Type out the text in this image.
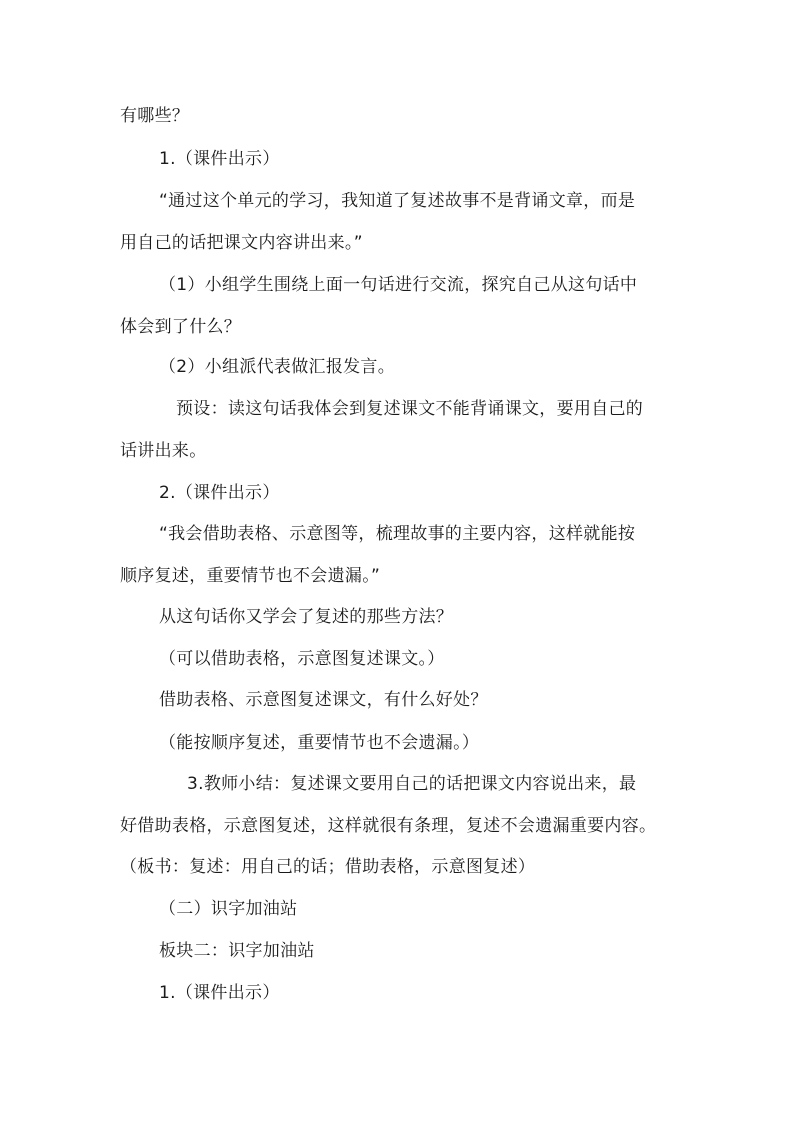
有哪些？
1.（课件出示）
“通过这个单元的学习，我知道了复述故事不是背诵文章，而是
用自己的话把课文内容讲出来。”
（1）小组学生围绕上面一句话进行交流，探究自己从这句话中
体会到了什么？
（2）小组派代表做汇报发言。
预设：读这句话我体会到复述课文不能背诵课文，要用自己的
话讲出来。
2.（课件出示）
“我会借助表格、示意图等，梳理故事的主要内容，这样就能按
顺序复述，重要情节也不会遗漏。”
从这句话你又学会了复述的那些方法？
（可以借助表格，示意图复述课文。）
借助表格、示意图复述课文，有什么好处？
（能按顺序复述，重要情节也不会遗漏。）
3.教师小结：复述课文要用自己的话把课文内容说出来，最
好借助表格，示意图复述，这样就很有条理，复述不会遗漏重要内容。
（板书：复述：用自己的话；借助表格，示意图复述）
（二）识字加油站
板块二：识字加油站
1.（课件出示）
